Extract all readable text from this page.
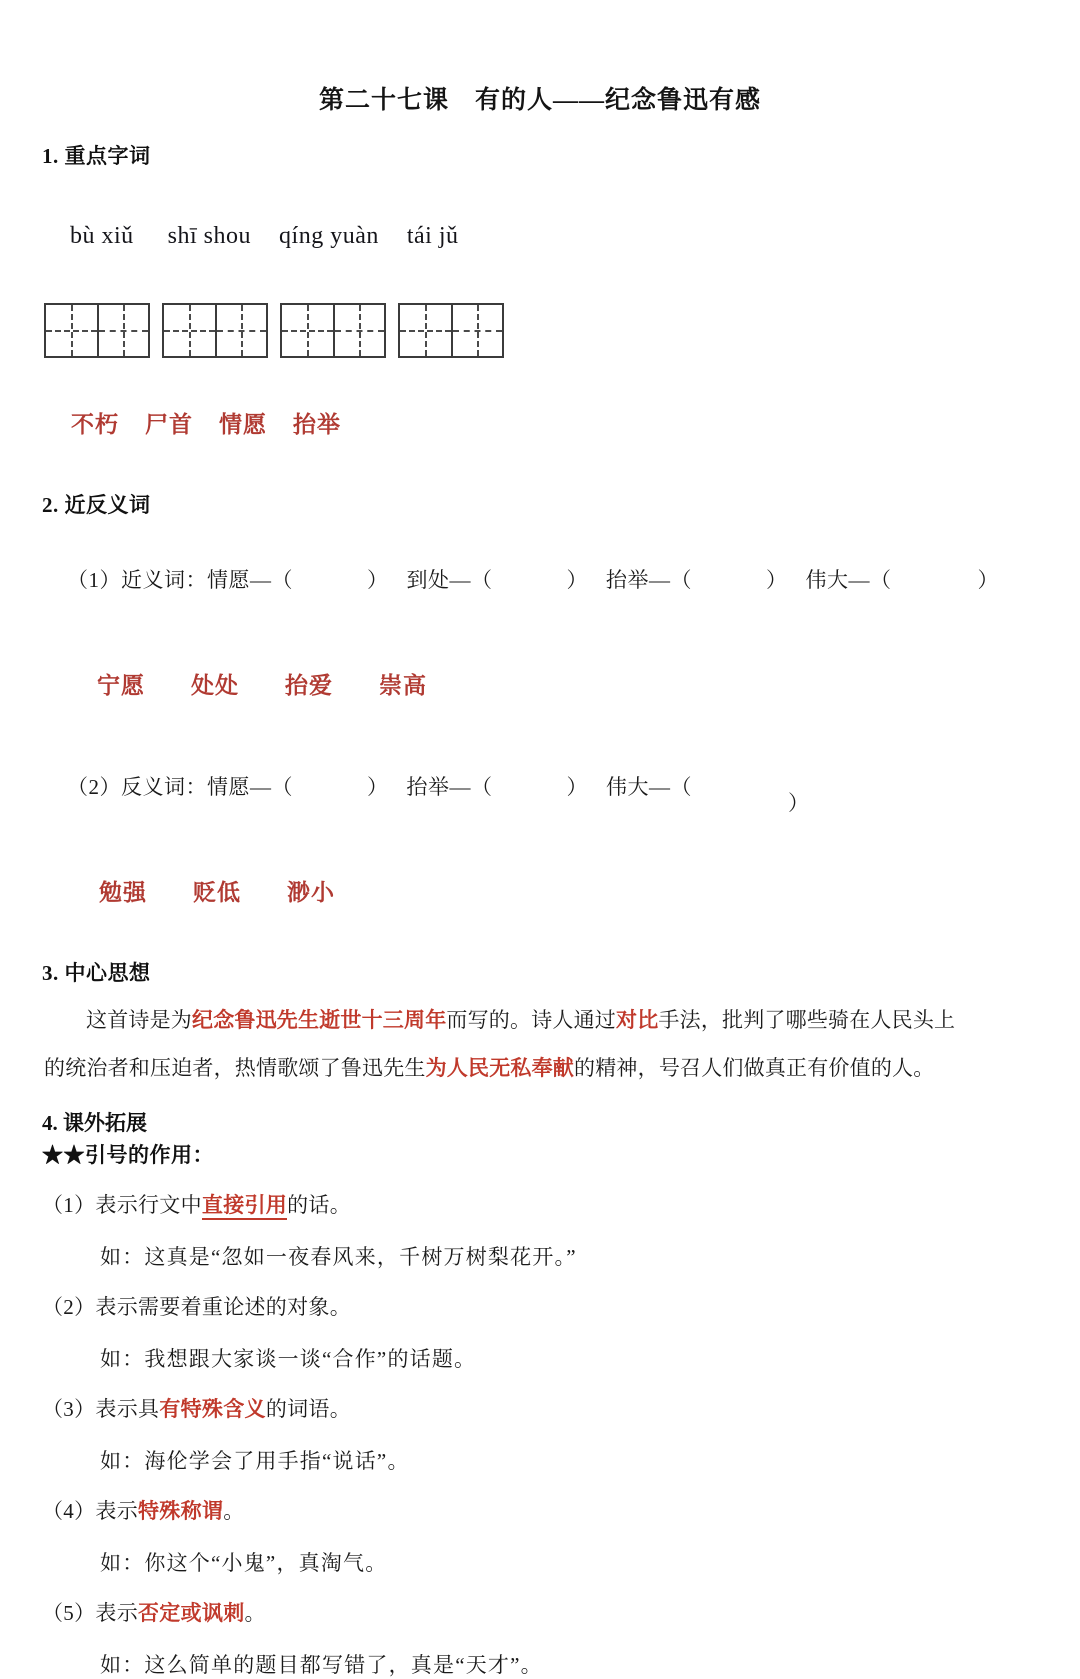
第二十七课　有的人——纪念鲁迅有感
1. 重点字词

bù xiǔ shī shou qíng yuàn tái jǔ

不朽 尸首 情愿 抬举

2. 近反义词

（1）近义词：情愿—（	） 到处—（	） 抬举—（	） 伟大—（	）

宁愿 处处 抬爱 崇高

（2）反义词：情愿—（	） 抬举—（	） 伟大—（）

勉强 贬低 渺小

3. 中心思想
这首诗是为纪念鲁迅先生逝世十三周年而写的。诗人通过对比手法，批判了哪些骑在人民头上
的统治者和压迫者，热情歌颂了鲁迅先生为人民无私奉献的精神，号召人们做真正有价值的人。
4. 课外拓展
★★引号的作用：
（1）表示行文中直接引用的话。
如：这真是“忽如一夜春风来，千树万树梨花开。”
（2）表示需要着重论述的对象。
如：我想跟大家谈一谈“合作”的话题。
（3）表示具有特殊含义的词语。
如：海伦学会了用手指“说话”。
（4）表示特殊称谓。
如：你这个“小鬼”，真淘气。
（5）表示否定或讽刺。
如：这么简单的题目都写错了，真是“天才”。
